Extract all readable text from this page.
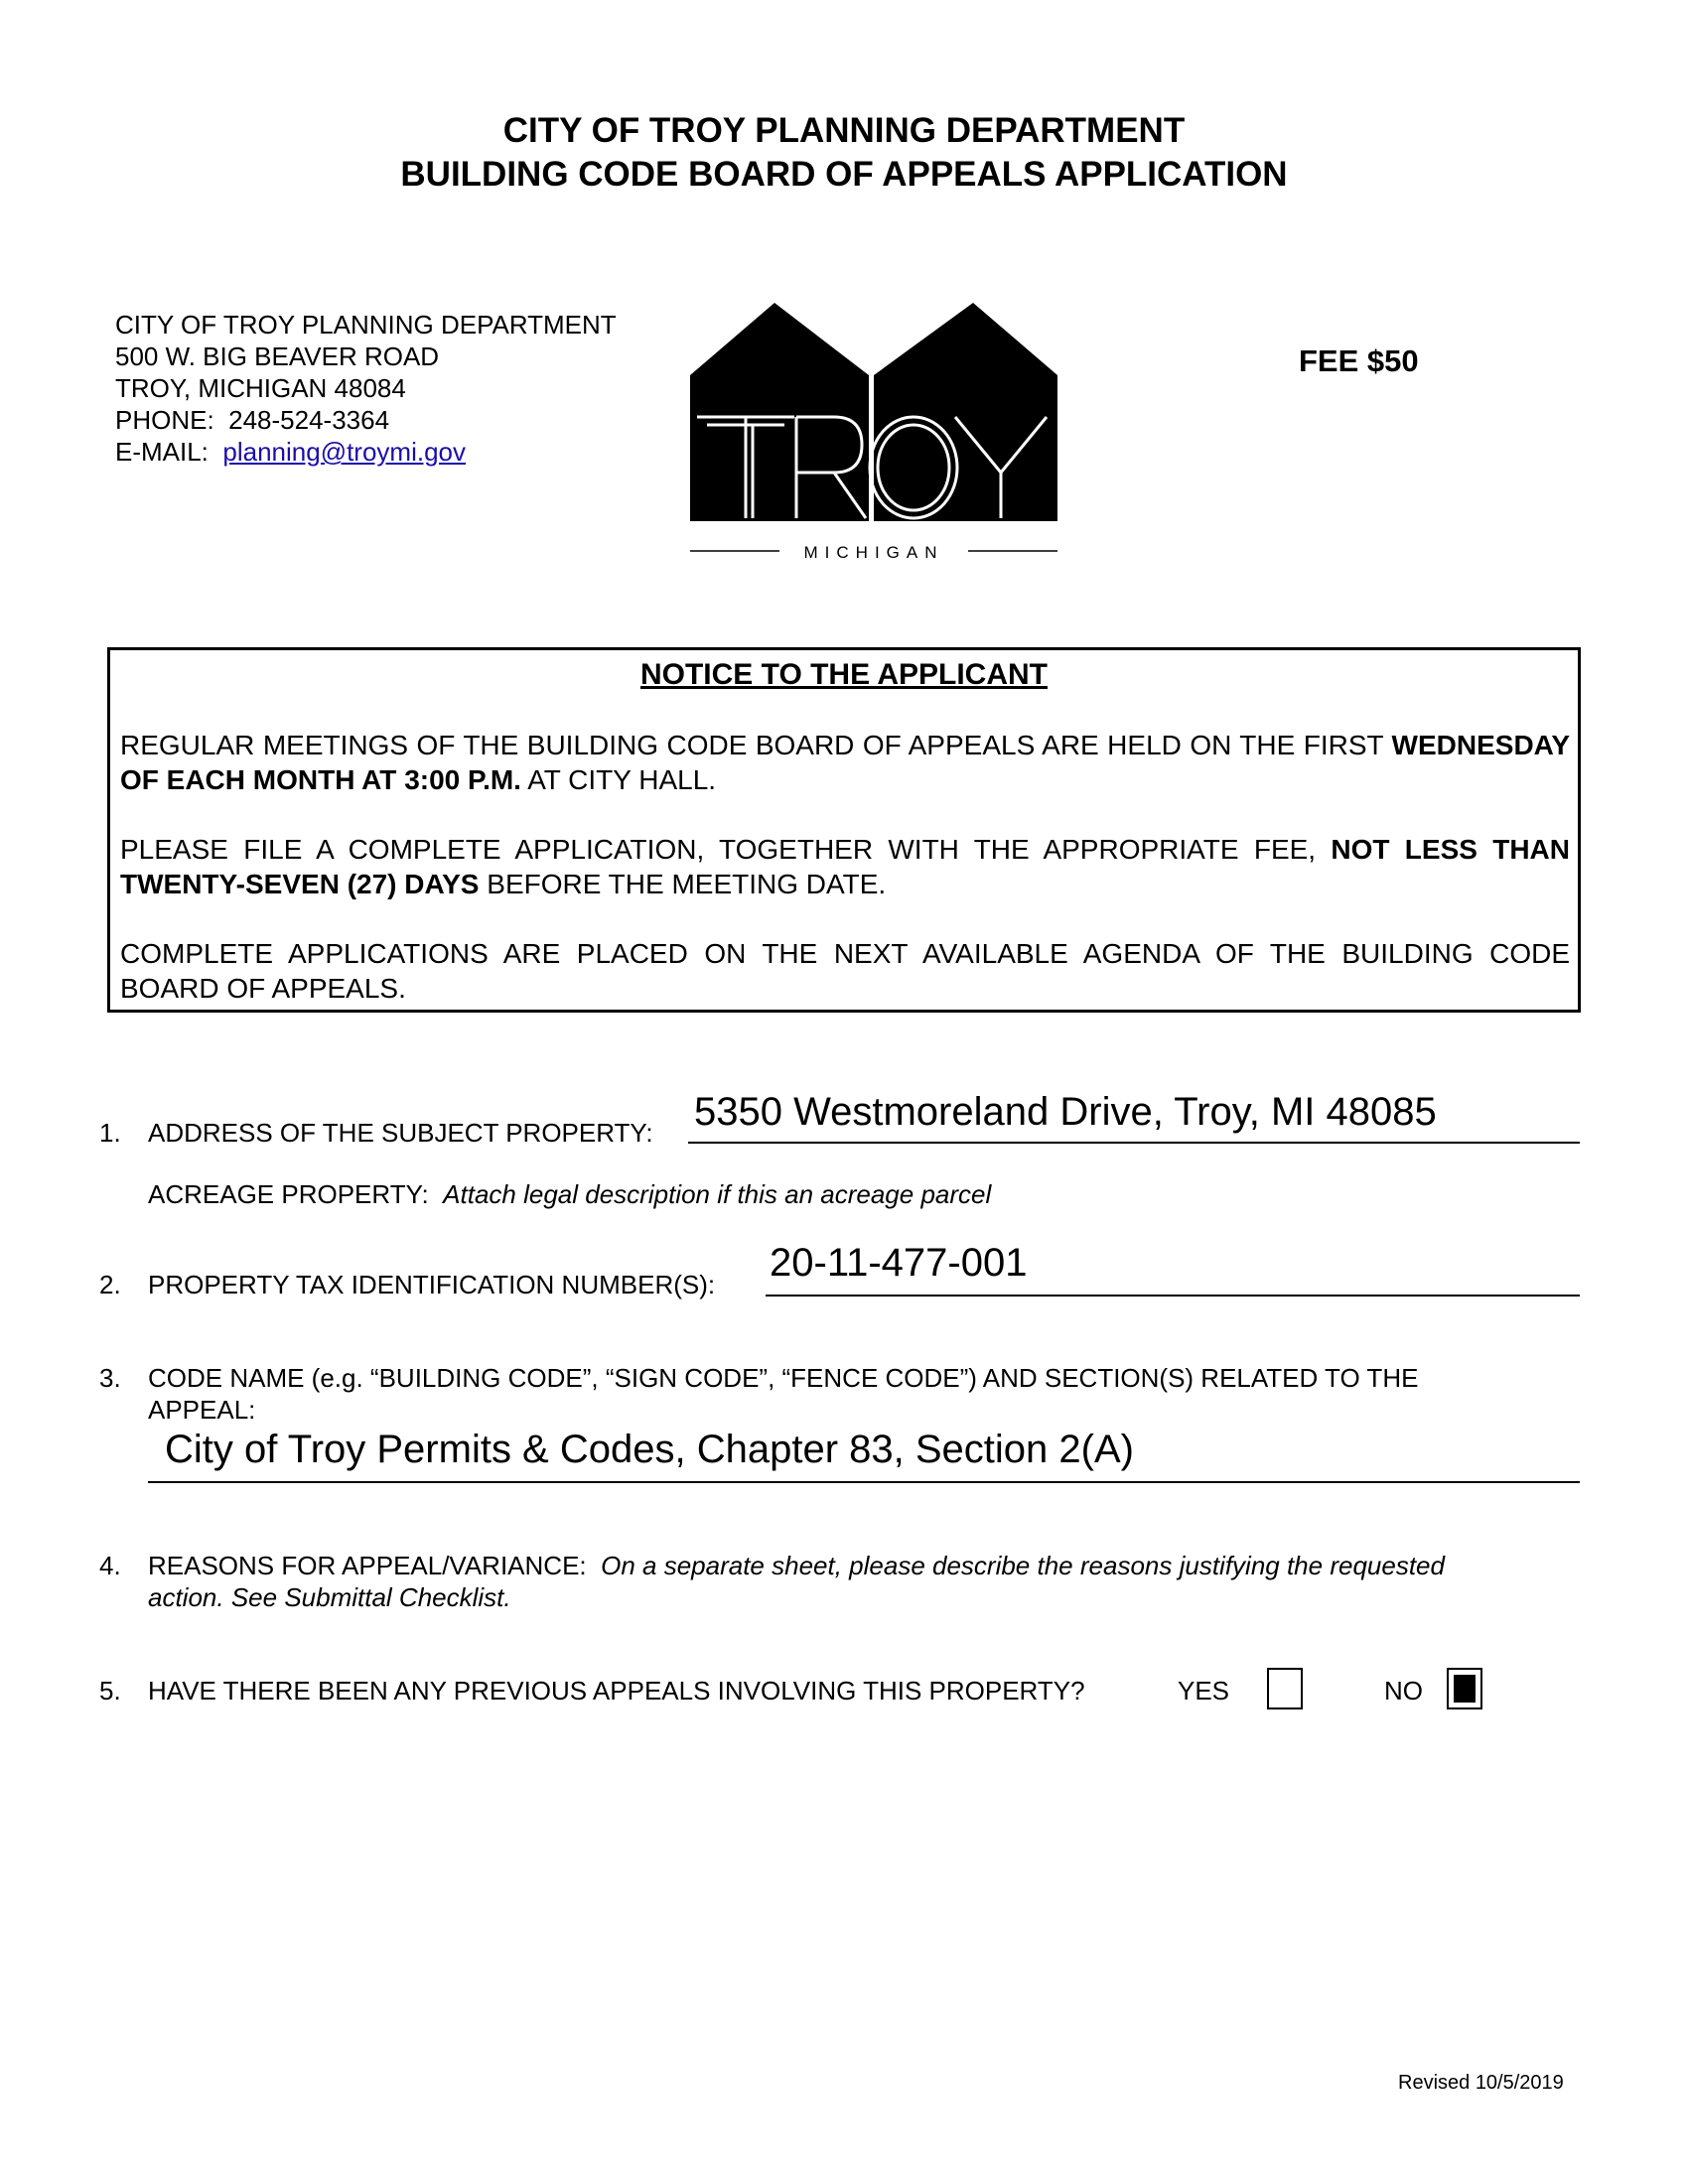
CITY OF TROY PLANNING DEPARTMENT
BUILDING CODE BOARD OF APPEALS APPLICATION
CITY OF TROY PLANNING DEPARTMENT
500 W. BIG BEAVER ROAD
TROY, MICHIGAN 48084
PHONE: 248-524-3364
E-MAIL: planning@troymi.gov
MICHIGAN
FEE $50
NOTICE TO THE APPLICANT

REGULAR MEETINGS OF THE BUILDING CODE BOARD OF APPEALS ARE HELD ON THE FIRST WEDNESDAY OF EACH MONTH AT 3:00 P.M. AT CITY HALL.

PLEASE FILE A COMPLETE APPLICATION, TOGETHER WITH THE APPROPRIATE FEE, NOT LESS THAN TWENTY-SEVEN (27) DAYS BEFORE THE MEETING DATE.

COMPLETE APPLICATIONS ARE PLACED ON THE NEXT AVAILABLE AGENDA OF THE BUILDING CODE BOARD OF APPEALS.

1. ADDRESS OF THE SUBJECT PROPERTY: 5350 Westmoreland Drive, Troy, MI 48085
ACREAGE PROPERTY: Attach legal description if this an acreage parcel
2. PROPERTY TAX IDENTIFICATION NUMBER(S): 20-11-477-001
3. CODE NAME (e.g. “BUILDING CODE”, “SIGN CODE”, “FENCE CODE”) AND SECTION(S) RELATED TO THE
APPEAL:
City of Troy Permits & Codes, Chapter 83, Section 2(A)
4. REASONS FOR APPEAL/VARIANCE: On a separate sheet, please describe the reasons justifying the requested
action. See Submittal Checklist.
5. HAVE THERE BEEN ANY PREVIOUS APPEALS INVOLVING THIS PROPERTY?	YES	NO
Revised 10/5/2019
